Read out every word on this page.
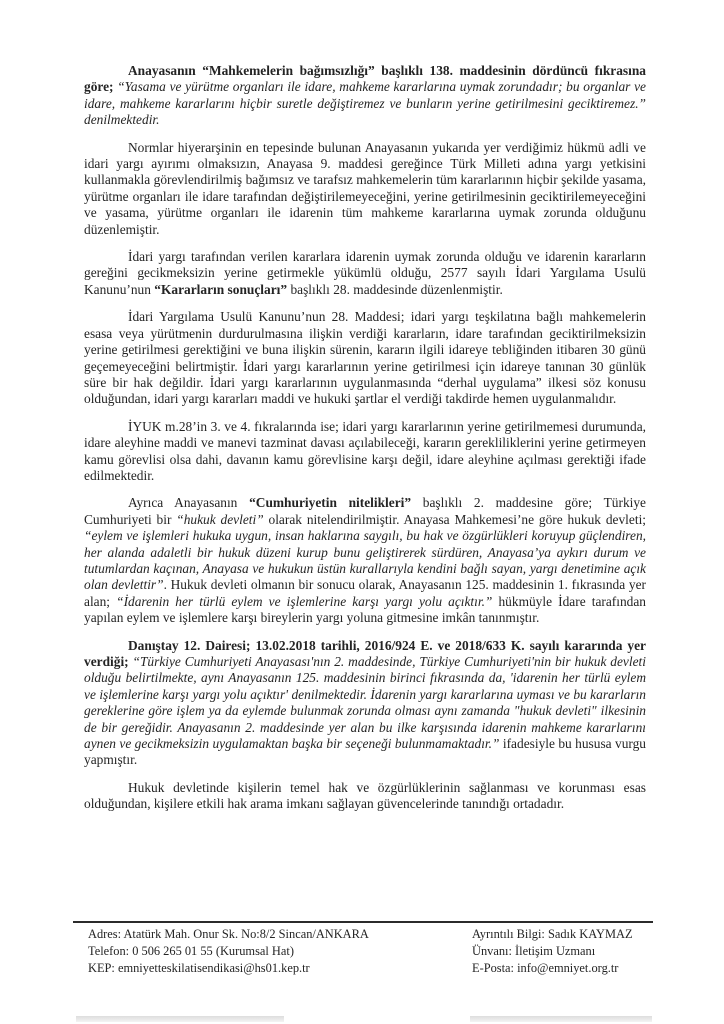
Anayasanın “Mahkemelerin bağımsızlığı” başlıklı 138. maddesinin dördüncü fıkrasına göre; “Yasama ve yürütme organları ile idare, mahkeme kararlarına uymak zorundadır; bu organlar ve idare, mahkeme kararlarını hiçbir suretle değiştiremez ve bunların yerine getirilmesini geciktiremez.” denilmektedir.

Normlar hiyerarşinin en tepesinde bulunan Anayasanın yukarıda yer verdiğimiz hükmü adli ve idari yargı ayırımı olmaksızın, Anayasa 9. maddesi gereğince Türk Milleti adına yargı yetkisini kullanmakla görevlendirilmiş bağımsız ve tarafsız mahkemelerin tüm kararlarının hiçbir şekilde yasama, yürütme organları ile idare tarafından değiştirilemeyeceğini, yerine getirilmesinin geciktirilemeyeceğini ve yasama, yürütme organları ile idarenin tüm mahkeme kararlarına uymak zorunda olduğunu düzenlemiştir.

İdari yargı tarafından verilen kararlara idarenin uymak zorunda olduğu ve idarenin kararların gereğini gecikmeksizin yerine getirmekle yükümlü olduğu, 2577 sayılı İdari Yargılama Usulü Kanunu’nun “Kararların sonuçları” başlıklı 28. maddesinde düzenlenmiştir.

İdari Yargılama Usulü Kanunu’nun 28. Maddesi; idari yargı teşkilatına bağlı mahkemelerin esasa veya yürütmenin durdurulmasına ilişkin verdiği kararların, idare tarafından geciktirilmeksizin yerine getirilmesi gerektiğini ve buna ilişkin sürenin, kararın ilgili idareye tebliğinden itibaren 30 günü geçemeyeceğini belirtmiştir. İdari yargı kararlarının yerine getirilmesi için idareye tanınan 30 günlük süre bir hak değildir. İdari yargı kararlarının uygulanmasında “derhal uygulama” ilkesi söz konusu olduğundan, idari yargı kararları maddi ve hukuki şartlar el verdiği takdirde hemen uygulanmalıdır.

İYUK m.28’in 3. ve 4. fıkralarında ise; idari yargı kararlarının yerine getirilmemesi durumunda, idare aleyhine maddi ve manevi tazminat davası açılabileceği, kararın gerekliliklerini yerine getirmeyen kamu görevlisi olsa dahi, davanın kamu görevlisine karşı değil, idare aleyhine açılması gerektiği ifade edilmektedir.

Ayrıca Anayasanın “Cumhuriyetin nitelikleri” başlıklı 2. maddesine göre; Türkiye Cumhuriyeti bir “hukuk devleti” olarak nitelendirilmiştir. Anayasa Mahkemesi’ne göre hukuk devleti; “eylem ve işlemleri hukuka uygun, insan haklarına saygılı, bu hak ve özgürlükleri koruyup güçlendiren, her alanda adaletli bir hukuk düzeni kurup bunu geliştirerek sürdüren, Anayasa’ya aykırı durum ve tutumlardan kaçınan, Anayasa ve hukukun üstün kurallarıyla kendini bağlı sayan, yargı denetimine açık olan devlettir”. Hukuk devleti olmanın bir sonucu olarak, Anayasanın 125. maddesinin 1. fıkrasında yer alan; “İdarenin her türlü eylem ve işlemlerine karşı yargı yolu açıktır.” hükmüyle İdare tarafından yapılan eylem ve işlemlere karşı bireylerin yargı yoluna gitmesine imkân tanınmıştır.

Danıştay 12. Dairesi; 13.02.2018 tarihli, 2016/924 E. ve 2018/633 K. sayılı kararında yer verdiği; “Türkiye Cumhuriyeti Anayasası'nın 2. maddesinde, Türkiye Cumhuriyeti'nin bir hukuk devleti olduğu belirtilmekte, aynı Anayasanın 125. maddesinin birinci fıkrasında da, 'idarenin her türlü eylem ve işlemlerine karşı yargı yolu açıktır' denilmektedir. İdarenin yargı kararlarına uyması ve bu kararların gereklerine göre işlem ya da eylemde bulunmak zorunda olması aynı zamanda "hukuk devleti" ilkesinin de bir gereğidir. Anayasanın 2. maddesinde yer alan bu ilke karşısında idarenin mahkeme kararlarını aynen ve gecikmeksizin uygulamaktan başka bir seçeneği bulunmamaktadır.” ifadesiyle bu hususa vurgu yapmıştır.

Hukuk devletinde kişilerin temel hak ve özgürlüklerinin sağlanması ve korunması esas olduğundan, kişilere etkili hak arama imkanı sağlayan güvencelerinde tanındığı ortadadır.

Adres: Atatürk Mah. Onur Sk. No:8/2 Sincan/ANKARA
Telefon: 0 506 265 01 55 (Kurumsal Hat)
KEP: emniyetteskilatisendikasi@hs01.kep.tr
Ayrıntılı Bilgi: Sadık KAYMAZ
Ünvanı: İletişim Uzmanı
E-Posta: info@emniyet.org.tr
